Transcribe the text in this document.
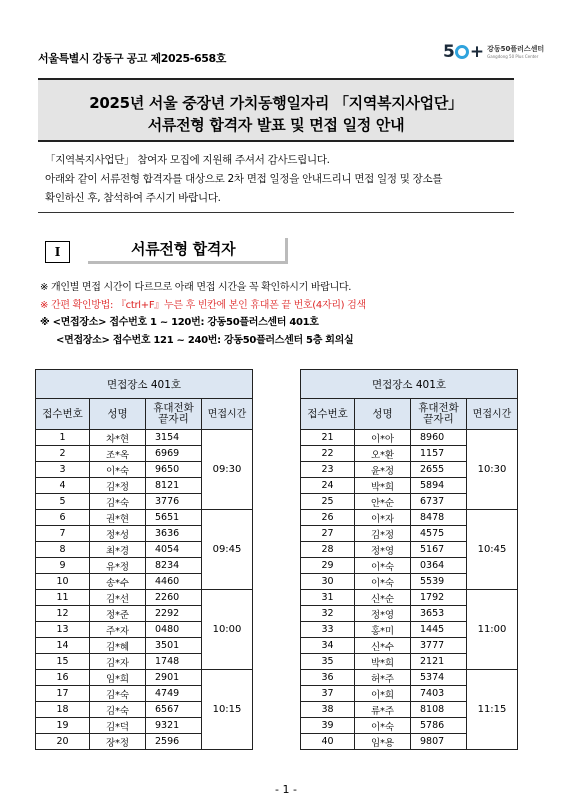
서울특별시 강동구 공고 제2025-658호	5 + 강동50플러스센터
Gangdong 50 Plus Center
2025년 서울 중장년 가치동행일자리 「지역복지사업단」
서류전형 합격자 발표 및 면접 일정 안내
「지역복지사업단」 참여자 모집에 지원해 주셔서 감사드립니다.
아래와 같이 서류전형 합격자를 대상으로 2차 면접 일정을 안내드리니 면접 일정 및 장소를
확인하신 후, 참석하여 주시기 바랍니다.
I	서류전형 합격자
※ 개인별 면접 시간이 다르므로 아래 면접 시간을 꼭 확인하시기 바랍니다.
※ 간편 확인방법: 『ctrl+F』누른 후 빈칸에 본인 휴대폰 끝 번호(4자리) 검색
※ <면접장소> 접수번호 1 ~ 120번: 강동50플러스센터 401호
<면접장소> 접수번호 121 ~ 240번: 강동50플러스센터 5층 회의실
면접장소 401호			
접수번호	성명	휴대전화
끝자리	면접시간
1	차*현	3154	09:30
2	조*옥	6969	
3	이*숙	9650	
4	김*정	8121	
5	김*숙	3776	
6	권*현	5651	09:45
7	정*성	3636	
8	최*경	4054	
9	유*정	8234	
10	송*수	4460	
11	김*선	2260	10:00
12	정*준	2292	
13	주*자	0480	
14	김*혜	3501	
15	김*자	1748	
16	임*희	2901	10:15
17	김*숙	4749	
18	김*숙	6567	
19	김*덕	9321	
20	장*정	2596	
면접장소 401호			
접수번호	성명	휴대전화
끝자리	면접시간
21	이*아	8960	10:30
22	오*환	1157	
23	윤*정	2655	
24	박*희	5894	
25	안*순	6737	
26	이*자	8478	10:45
27	김*정	4575	
28	정*영	5167	
29	이*숙	0364	
30	이*숙	5539	
31	신*순	1792	11:00
32	정*영	3653	
33	홍*미	1445	
34	신*수	3777	
35	박*희	2121	
36	허*주	5374	11:15
37	이*희	7403	
38	류*주	8108	
39	이*숙	5786	
40	임*용	9807	
- 1 -
